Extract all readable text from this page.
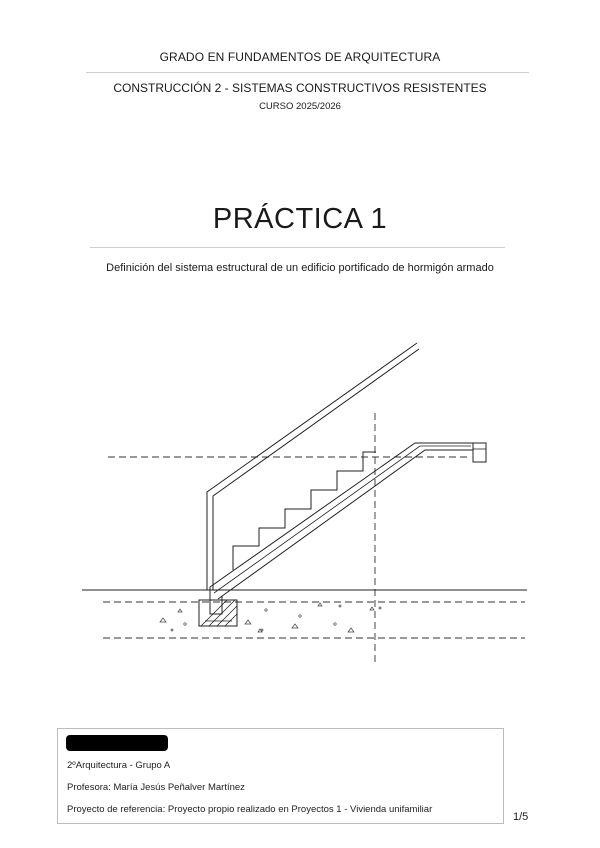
GRADO EN FUNDAMENTOS DE ARQUITECTURA
CONSTRUCCIÓN 2 - SISTEMAS CONSTRUCTIVOS RESISTENTES
CURSO 2025/2026
PRÁCTICA 1
Definición del sistema estructural de un edificio portificado de hormigón armado
2ºArquitectura - Grupo A
Profesora: María Jesús Peñalver Martínez
Proyecto de referencia: Proyecto propio realizado en Proyectos 1 - Vivienda unifamiliar
1/5
